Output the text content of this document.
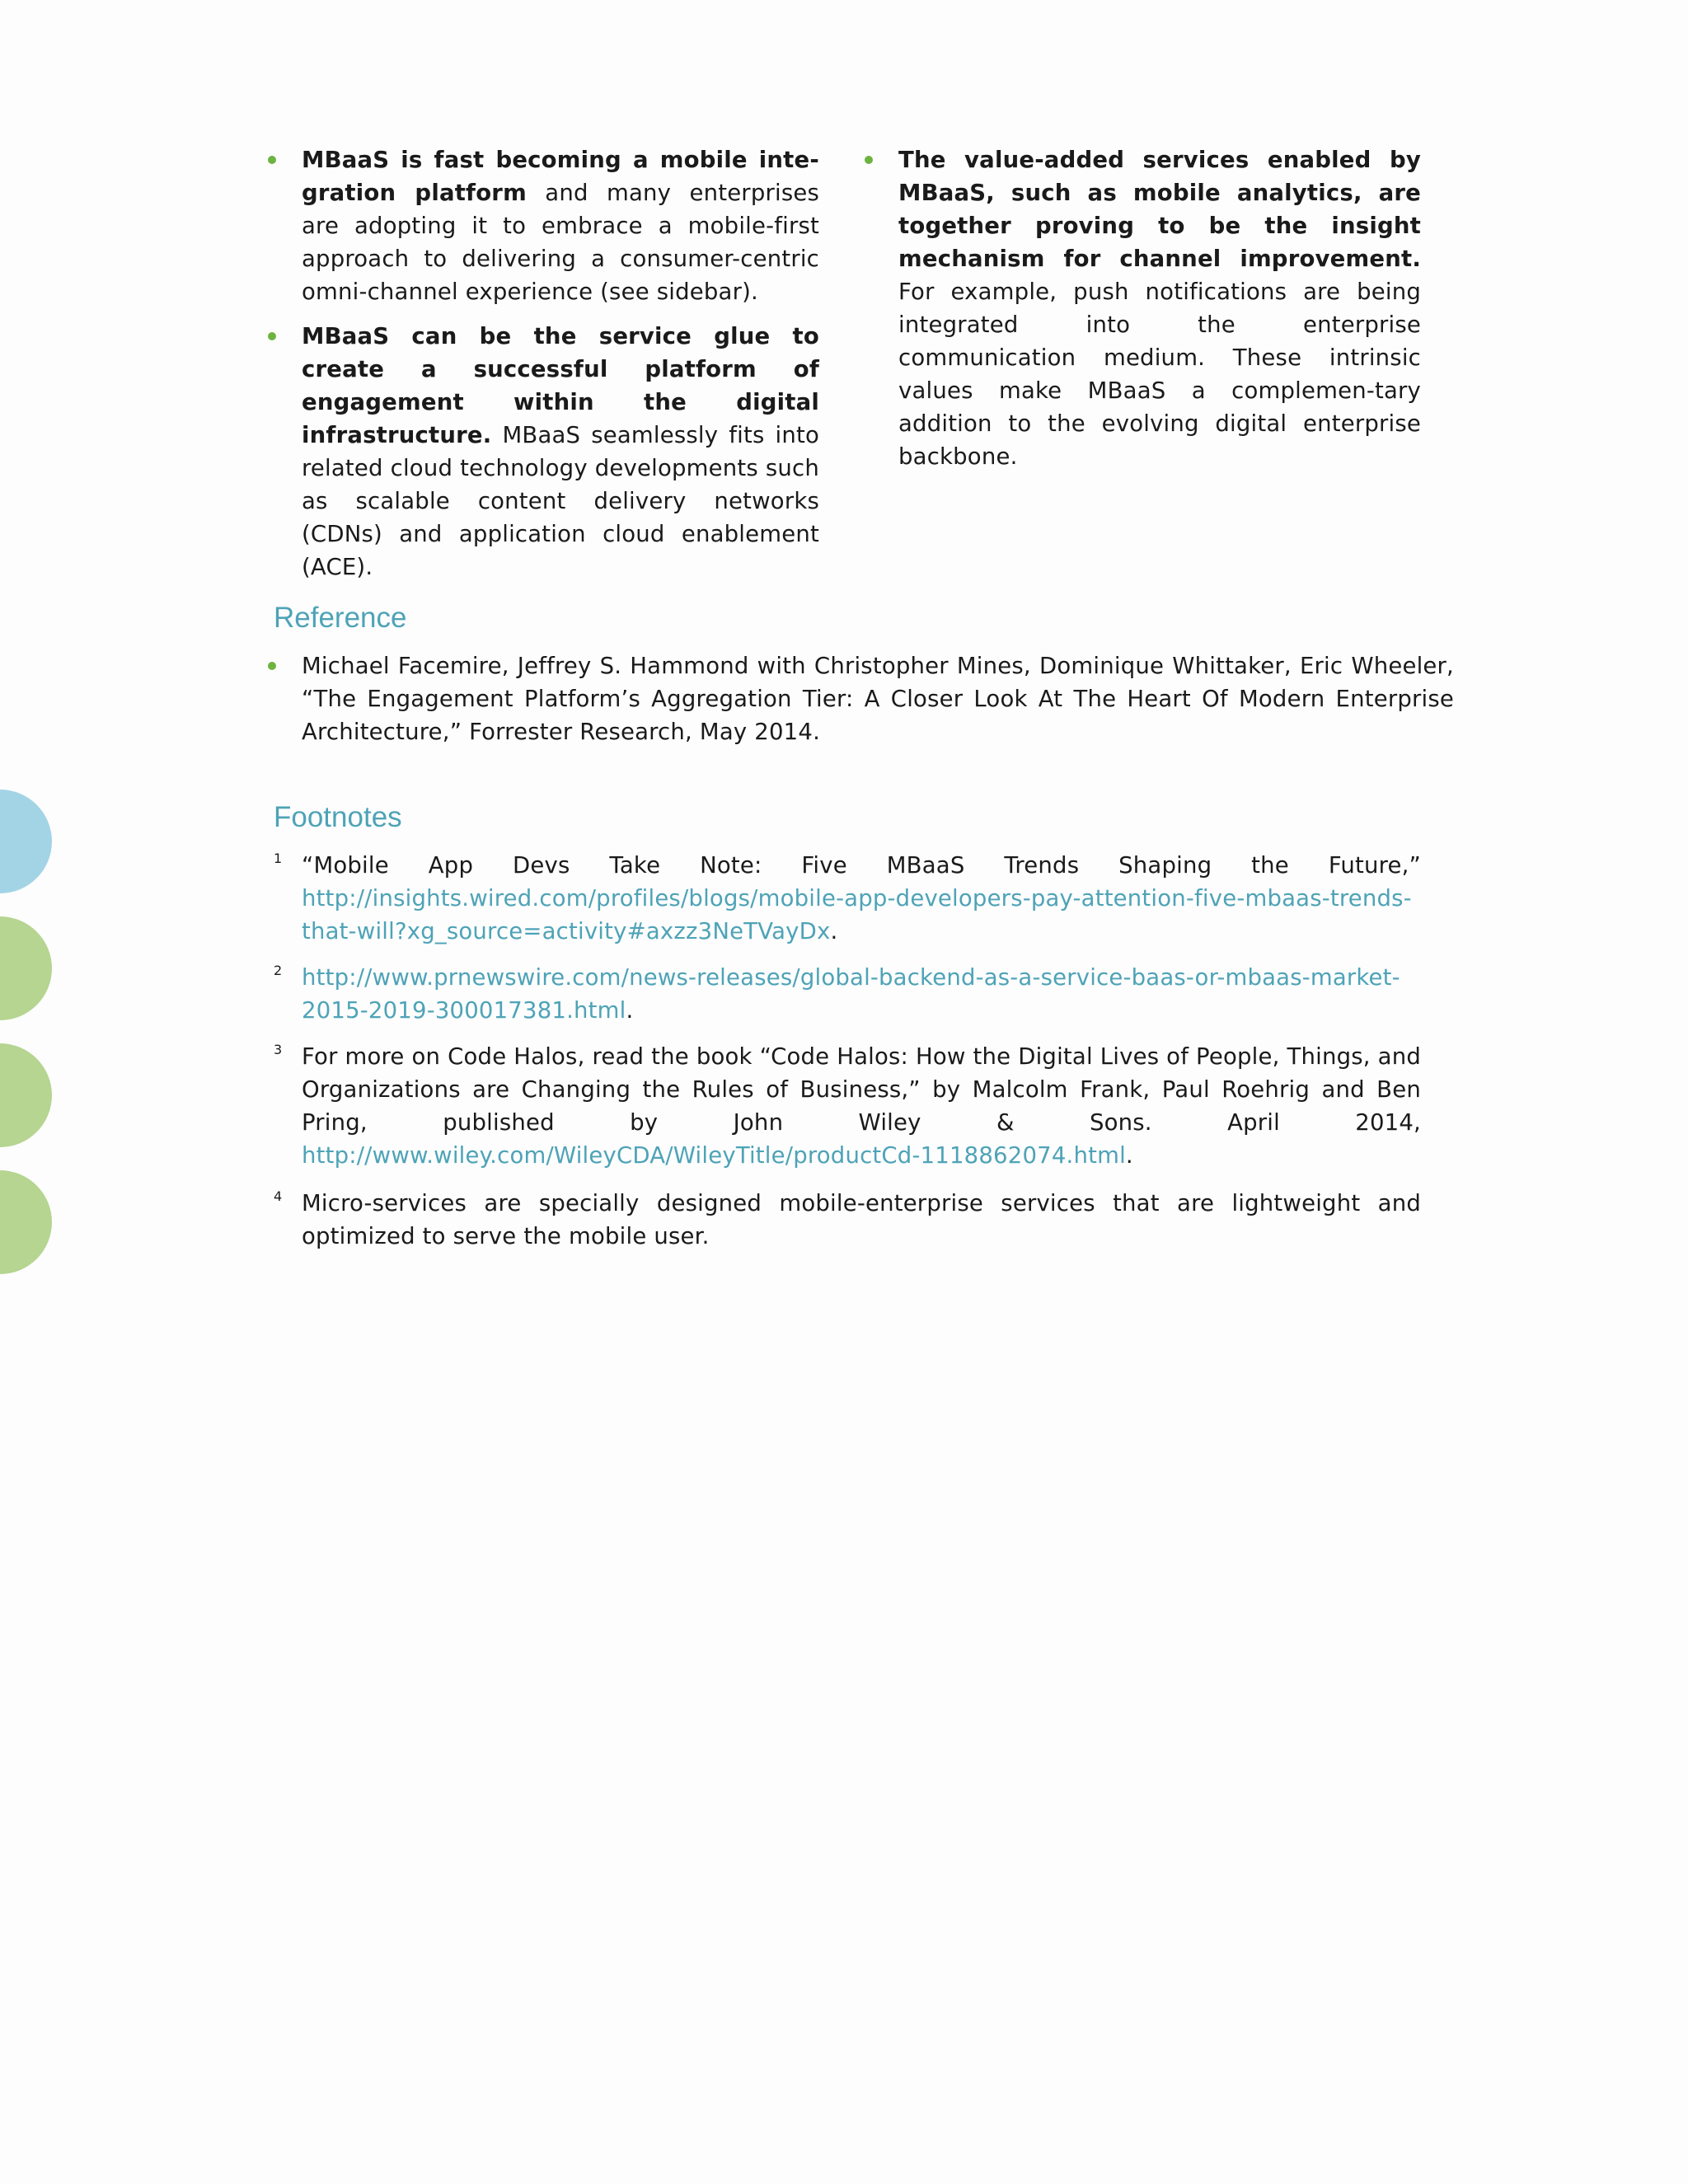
MBaaS is fast becoming a mobile inte-gration platform and many enterprises are adopting it to embrace a mobile-first approach to delivering a consumer-centric omni-channel experience (see sidebar).
MBaaS can be the service glue to create a successful platform of engagement within the digital infrastructure. MBaaS seamlessly fits into related cloud technology developments such as scalable content delivery networks (CDNs) and application cloud enablement (ACE).
The value-added services enabled by MBaaS, such as mobile analytics, are together proving to be the insight mechanism for channel improvement. For example, push notifications are being integrated into the enterprise communication medium. These intrinsic values make MBaaS a complemen-tary addition to the evolving digital enterprise backbone.
Reference
Michael Facemire, Jeffrey S. Hammond with Christopher Mines, Dominique Whittaker, Eric Wheeler, “The Engagement Platform’s Aggregation Tier: A Closer Look At The Heart Of Modern Enterprise Architecture,” Forrester Research, May 2014.
Footnotes
1 “Mobile App Devs Take Note: Five MBaaS Trends Shaping the Future,” http://insights.wired.com/profiles/blogs/mobile-app-developers-pay-attention-five-mbaas-trends-that-will?xg_source=activity#axzz3NeTVayDx.
2 http://www.prnewswire.com/news-releases/global-backend-as-a-service-baas-or-mbaas-market-2015-2019-300017381.html.
3 For more on Code Halos, read the book “Code Halos: How the Digital Lives of People, Things, and Organizations are Changing the Rules of Business,” by Malcolm Frank, Paul Roehrig and Ben Pring, published by John Wiley & Sons. April 2014, http://www.wiley.com/WileyCDA/WileyTitle/productCd-1118862074.html.
4 Micro-services are specially designed mobile-enterprise services that are lightweight and optimized to serve the mobile user.
